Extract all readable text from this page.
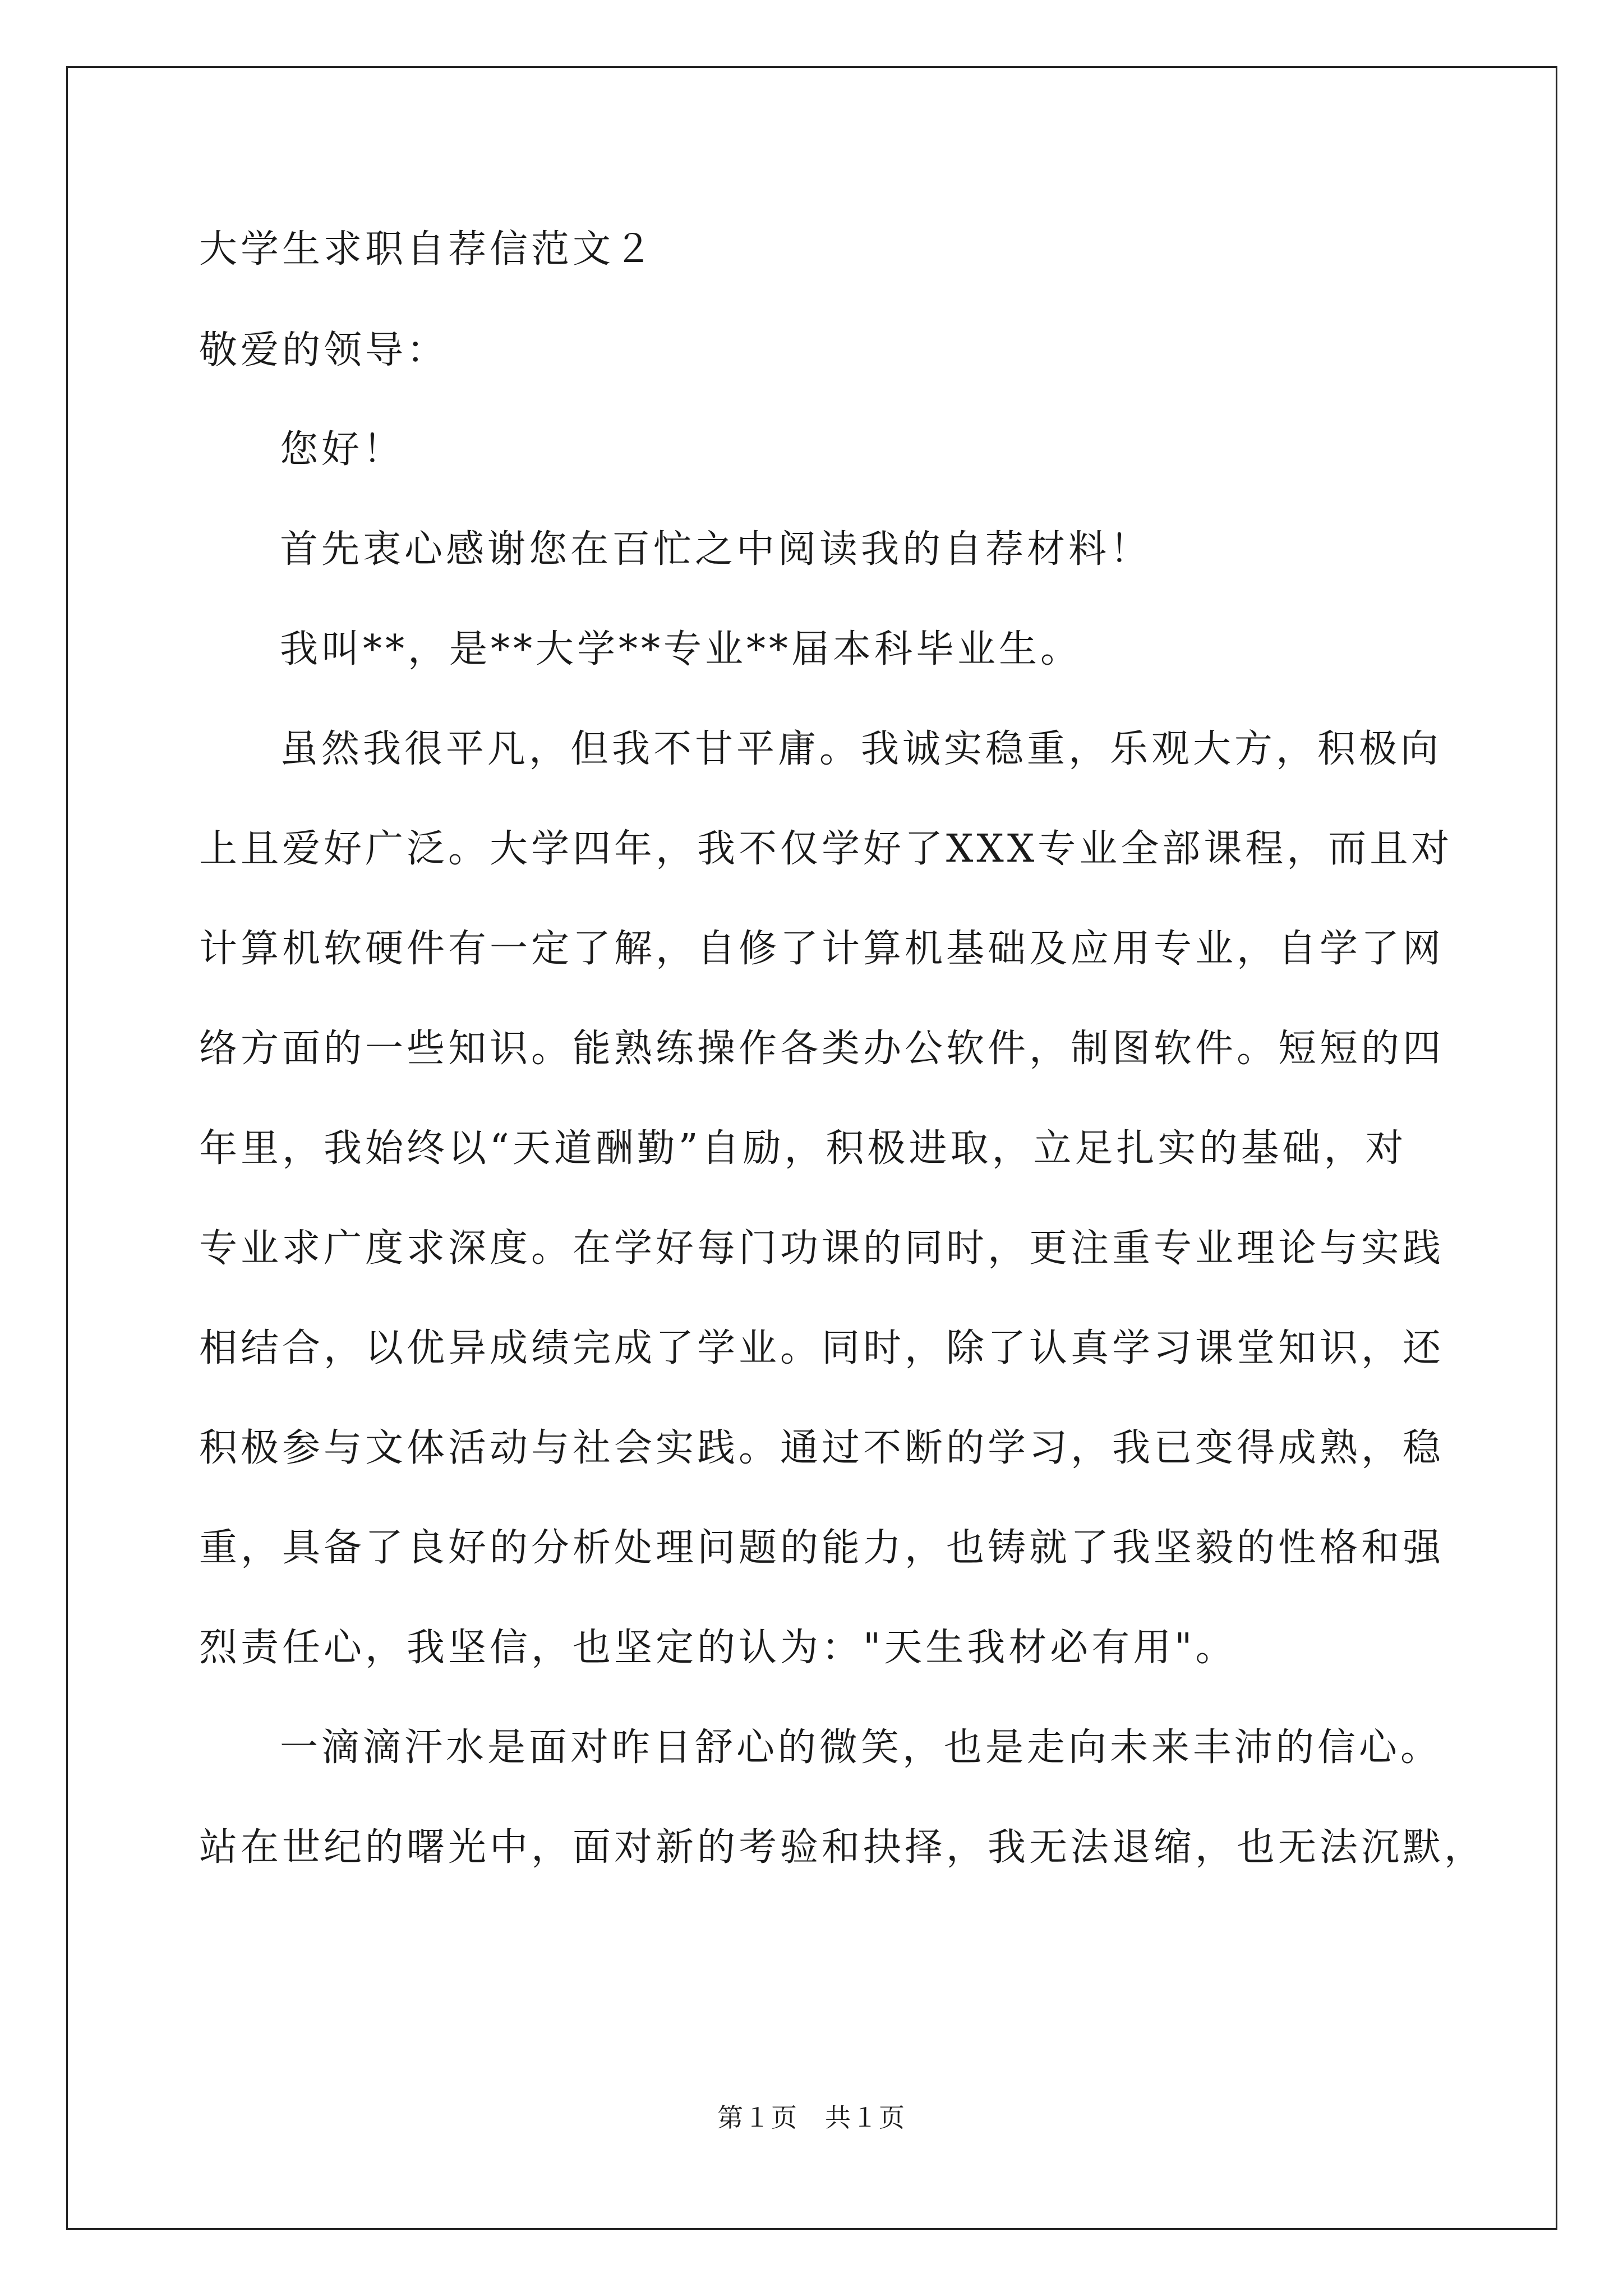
大学生求职自荐信范文２
敬爱的领导：
您好！
首先衷心感谢您在百忙之中阅读我的自荐材料！
我叫**，是**大学**专业**届本科毕业生。
虽然我很平凡，但我不甘平庸。我诚实稳重，乐观大方，积极向
上且爱好广泛。大学四年，我不仅学好了XXX专业全部课程，而且对
计算机软硬件有一定了解，自修了计算机基础及应用专业，自学了网
络方面的一些知识。能熟练操作各类办公软件，制图软件。短短的四
年里，我始终以“天道酬勤”自励，积极进取，立足扎实的基础，对
专业求广度求深度。在学好每门功课的同时，更注重专业理论与实践
相结合，以优异成绩完成了学业。同时，除了认真学习课堂知识，还
积极参与文体活动与社会实践。通过不断的学习，我已变得成熟，稳
重，具备了良好的分析处理问题的能力，也铸就了我坚毅的性格和强
烈责任心，我坚信，也坚定的认为："天生我材必有用"。
一滴滴汗水是面对昨日舒心的微笑，也是走向未来丰沛的信心。
站在世纪的曙光中，面对新的考验和抉择，我无法退缩，也无法沉默，
第１页　共１页
